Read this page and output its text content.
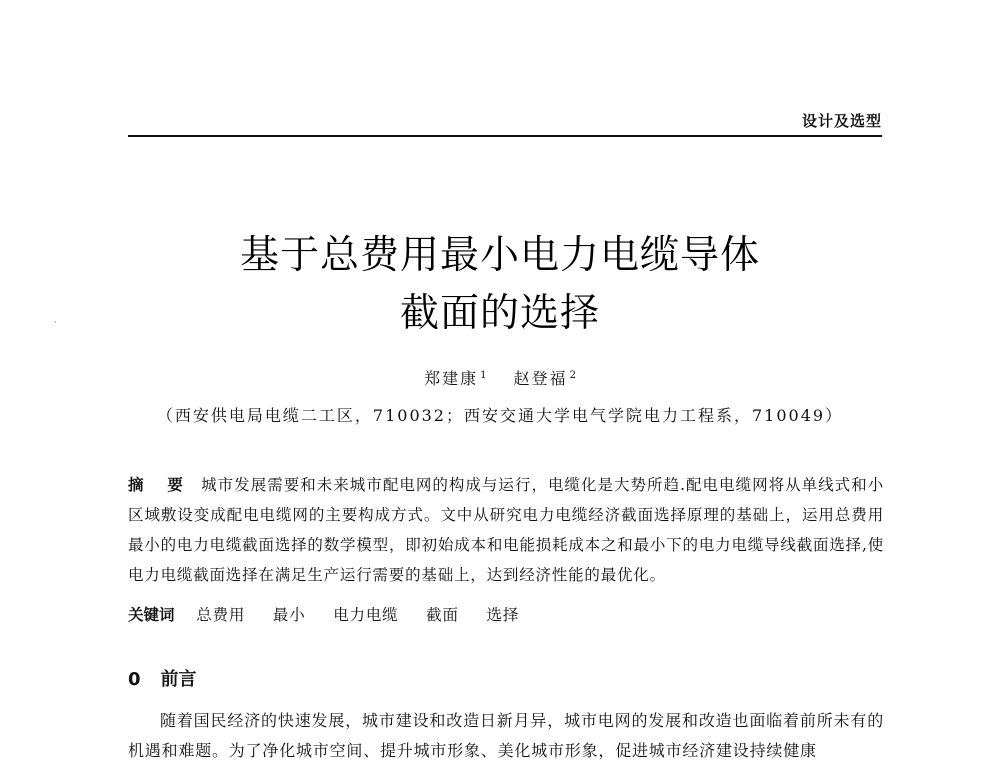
·
设计及选型
基于总费用最小电力电缆导体
截面的选择
郑建康 $^1$ 赵登福 $^2$
（西安供电局电缆二工区，710032；西安交通大学电气学院电力工程系，710049）
摘　要 城市发展需要和未来城市配电网的构成与运行，电缆化是大势所趋.配电电缆网将从单线式和小区域敷设变成配电电缆网的主要构成方式。文中从研究电力电缆经济截面选择原理的基础上，运用总费用最小的电力电缆截面选择的数学模型，即初始成本和电能损耗成本之和最小下的电力电缆导线截面选择,使电力电缆截面选择在满足生产运行需要的基础上，达到经济性能的最优化。
关键词 总费用 最小 电力电缆 截面 选择
0 前言
随着国民经济的快速发展，城市建设和改造日新月异，城市电网的发展和改造也面临着前所未有的机遇和难题。为了净化城市空间、提升城市形象、美化城市形象，促进城市经济建设持续健康
